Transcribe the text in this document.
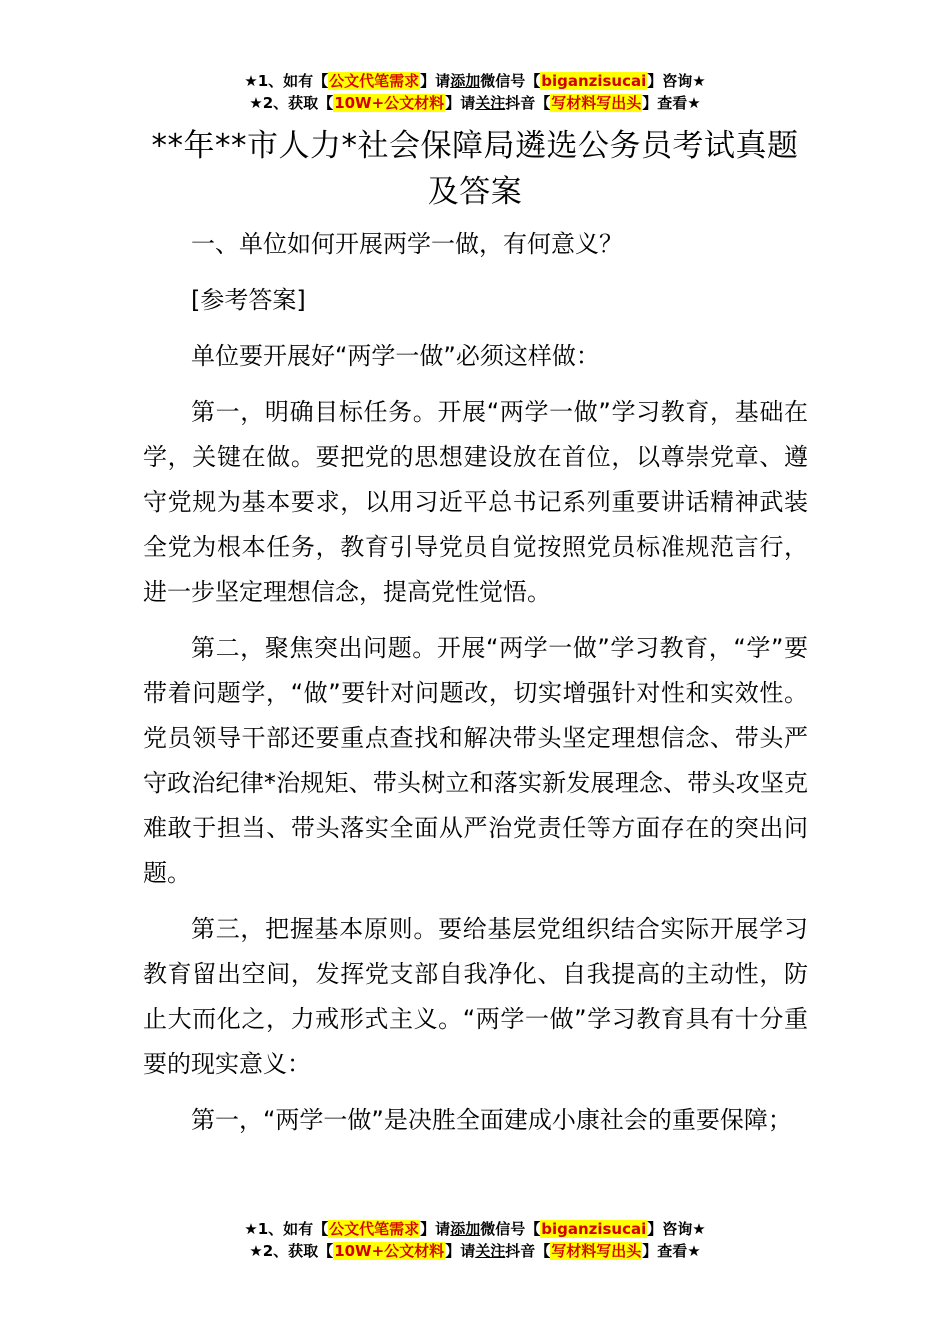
★1、如有【公文代笔需求】请添加微信号【biganzisucai】咨询★
★2、获取【10W+公文材料】请关注抖音【写材料写出头】查看★
**年**市人力*社会保障局遴选公务员考试真题及答案

一、单位如何开展两学一做，有何意义？

[参考答案]

单位要开展好“两学一做”必须这样做：

第一，明确目标任务。开展“两学一做”学习教育，基础在学，关键在做。要把党的思想建设放在首位，以尊崇党章、遵守党规为基本要求，以用习近平总书记系列重要讲话精神武装全党为根本任务，教育引导党员自觉按照党员标准规范言行，进一步坚定理想信念，提高党性觉悟。

第二，聚焦突出问题。开展“两学一做”学习教育，“学”要带着问题学，“做”要针对问题改，切实增强针对性和实效性。党员领导干部还要重点查找和解决带头坚定理想信念、带头严守政治纪律*治规矩、带头树立和落实新发展理念、带头攻坚克难敢于担当、带头落实全面从严治党责任等方面存在的突出问题。

第三，把握基本原则。要给基层党组织结合实际开展学习教育留出空间，发挥党支部自我净化、自我提高的主动性，防止大而化之，力戒形式主义。“两学一做”学习教育具有十分重要的现实意义：

第一，“两学一做”是决胜全面建成小康社会的重要保障；

★1、如有【公文代笔需求】请添加微信号【biganzisucai】咨询★
★2、获取【10W+公文材料】请关注抖音【写材料写出头】查看★
